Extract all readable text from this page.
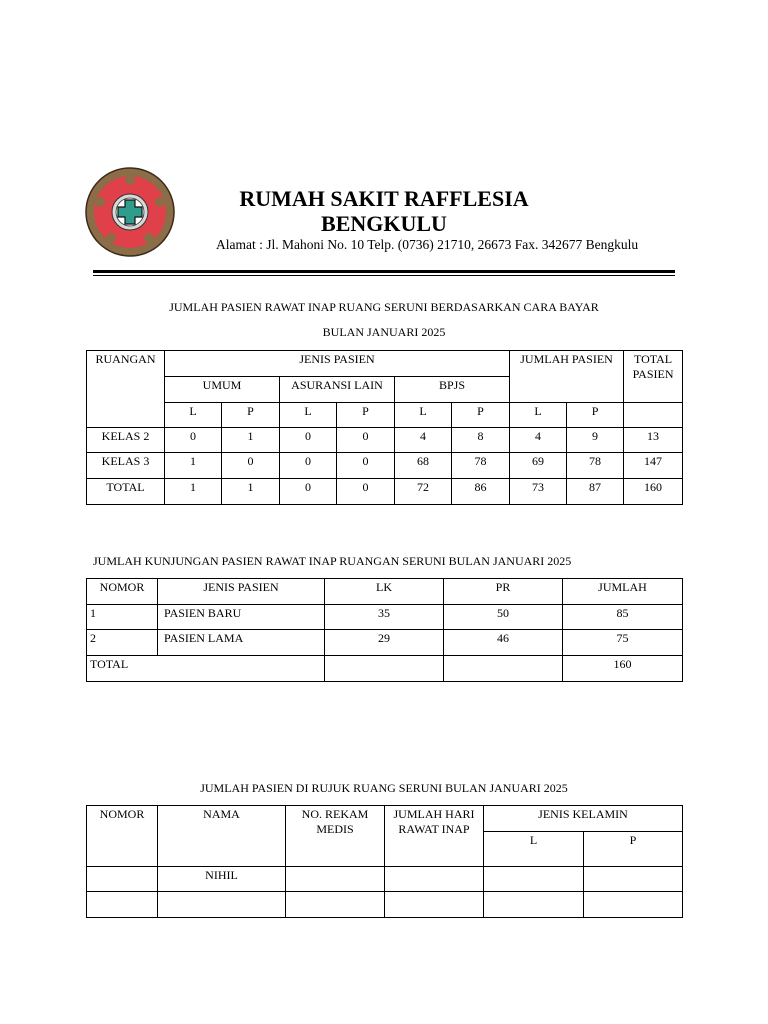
RUMAH SAKIT RAFFLESIA
BENGKULU
Alamat : Jl. Mahoni No. 10 Telp. (0736) 21710, 26673 Fax. 342677 Bengkulu
JUMLAH PASIEN RAWAT INAP RUANG SERUNI BERDASARKAN CARA BAYAR
BULAN JANUARI 2025
RUANGAN	JENIS PASIEN						JUMLAH PASIEN		TOTAL PASIEN
	UMUM		ASURANSI LAIN		BPJS				
	L	P	L	P	L	P	L	P	
KELAS 2	0	1	0	0	4	8	4	9	13
KELAS 3	1	0	0	0	68	78	69	78	147
TOTAL	1	1	0	0	72	86	73	87	160
JUMLAH KUNJUNGAN PASIEN RAWAT INAP RUANGAN SERUNI BULAN JANUARI 2025
NOMOR	JENIS PASIEN	LK	PR	JUMLAH
1	PASIEN BARU	35	50	85
2	PASIEN LAMA	29	46	75
TOTAL				160
JUMLAH PASIEN DI RUJUK RUANG SERUNI BULAN JANUARI 2025
NOMOR	NAMA	NO. REKAM MEDIS	JUMLAH HARI RAWAT INAP	JENIS KELAMIN	
				L	P
	NIHIL				
